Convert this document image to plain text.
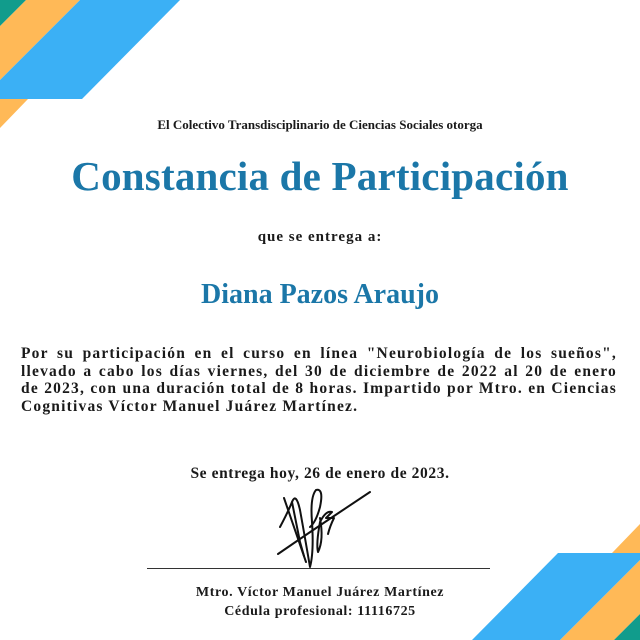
El Colectivo Transdisciplinario de Ciencias Sociales otorga
Constancia de Participación
que se entrega a:
Diana Pazos Araujo
Por su participación en el curso en línea "Neurobiología de los sueños", llevado a cabo los días viernes, del 30 de diciembre de 2022 al 20 de enero de 2023, con una duración total de 8 horas. Impartido por Mtro. en Ciencias Cognitivas Víctor Manuel Juárez Martínez.
Se entrega hoy, 26 de enero de 2023.
Mtro. Víctor Manuel Juárez Martínez
Cédula profesional: 11116725
